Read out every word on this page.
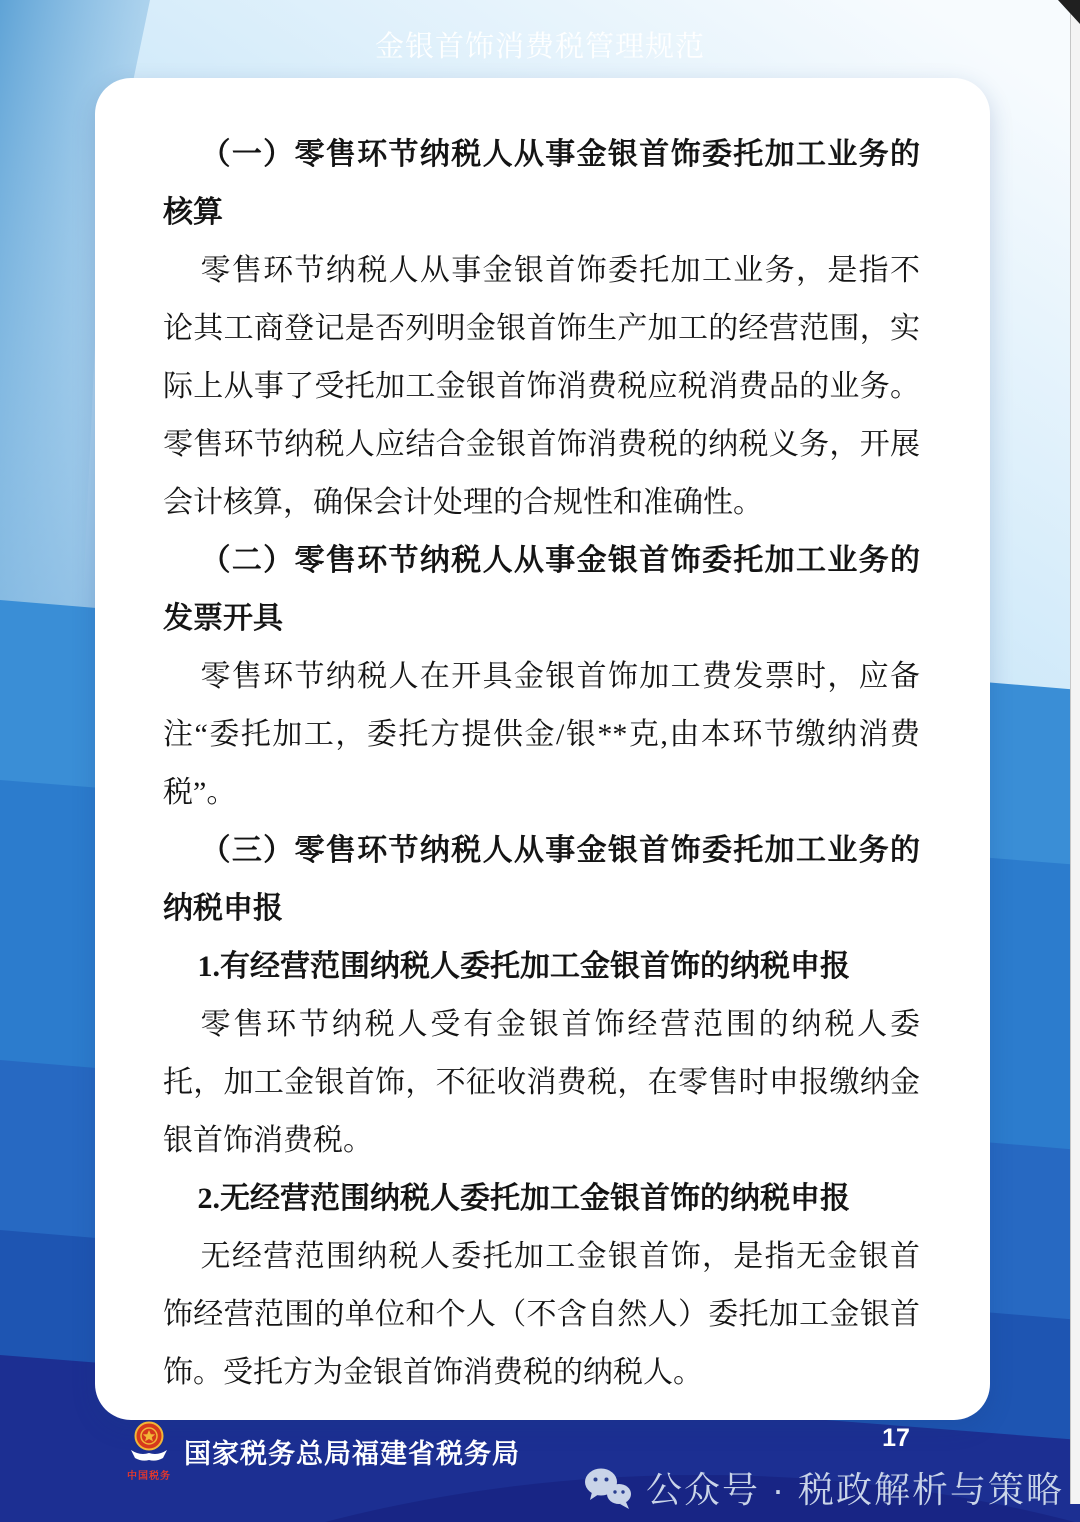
金银首饰消费税管理规范

（一）零售环节纳税人从事金银首饰委托加工业务的核算

零售环节纳税人从事金银首饰委托加工业务，是指不论其工商登记是否列明金银首饰生产加工的经营范围，实际上从事了受托加工金银首饰消费税应税消费品的业务。零售环节纳税人应结合金银首饰消费税的纳税义务，开展会计核算，确保会计处理的合规性和准确性。

（二）零售环节纳税人从事金银首饰委托加工业务的发票开具

零售环节纳税人在开具金银首饰加工费发票时，应备注“委托加工，委托方提供金/银**克,由本环节缴纳消费税”。

（三）零售环节纳税人从事金银首饰委托加工业务的纳税申报

1.有经营范围纳税人委托加工金银首饰的纳税申报

零售环节纳税人受有金银首饰经营范围的纳税人委托，加工金银首饰，不征收消费税，在零售时申报缴纳金银首饰消费税。

2.无经营范围纳税人委托加工金银首饰的纳税申报

无经营范围纳税人委托加工金银首饰，是指无金银首饰经营范围的单位和个人（不含自然人）委托加工金银首饰。受托方为金银首饰消费税的纳税人。

中国税务
国家税务总局福建省税务局
17
公众号 · 税政解析与策略
